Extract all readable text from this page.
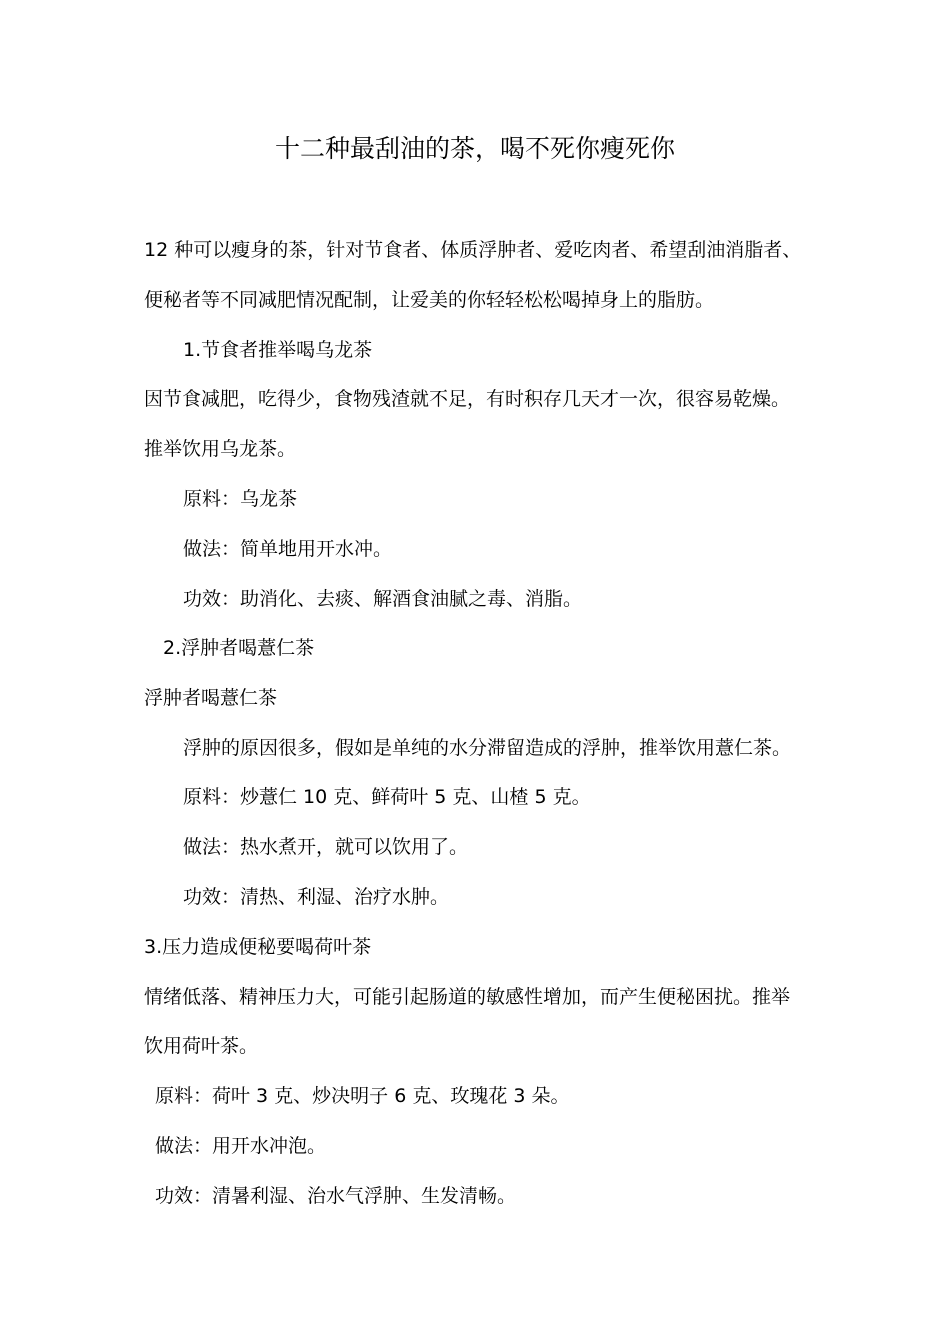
十二种最刮油的茶，喝不死你瘦死你
12 种可以瘦身的茶，针对节食者、体质浮肿者、爱吃肉者、希望刮油消脂者、
便秘者等不同减肥情况配制，让爱美的你轻轻松松喝掉身上的脂肪。
1.节食者推举喝乌龙茶
因节食减肥，吃得少，食物残渣就不足，有时积存几天才一次，很容易乾燥。
推举饮用乌龙茶。
原料：乌龙茶
做法：简单地用开水冲。
功效：助消化、去痰、解酒食油腻之毒、消脂。
2.浮肿者喝薏仁茶
浮肿者喝薏仁茶
浮肿的原因很多，假如是单纯的水分滞留造成的浮肿，推举饮用薏仁茶。
原料：炒薏仁 10 克、鲜荷叶 5 克、山楂 5 克。
做法：热水煮开，就可以饮用了。
功效：清热、利湿、治疗水肿。
3.压力造成便秘要喝荷叶茶
情绪低落、精神压力大，可能引起肠道的敏感性增加，而产生便秘困扰。推举
饮用荷叶茶。
原料：荷叶 3 克、炒决明子 6 克、玫瑰花 3 朵。
做法：用开水冲泡。
功效：清暑利湿、治水气浮肿、生发清畅。
